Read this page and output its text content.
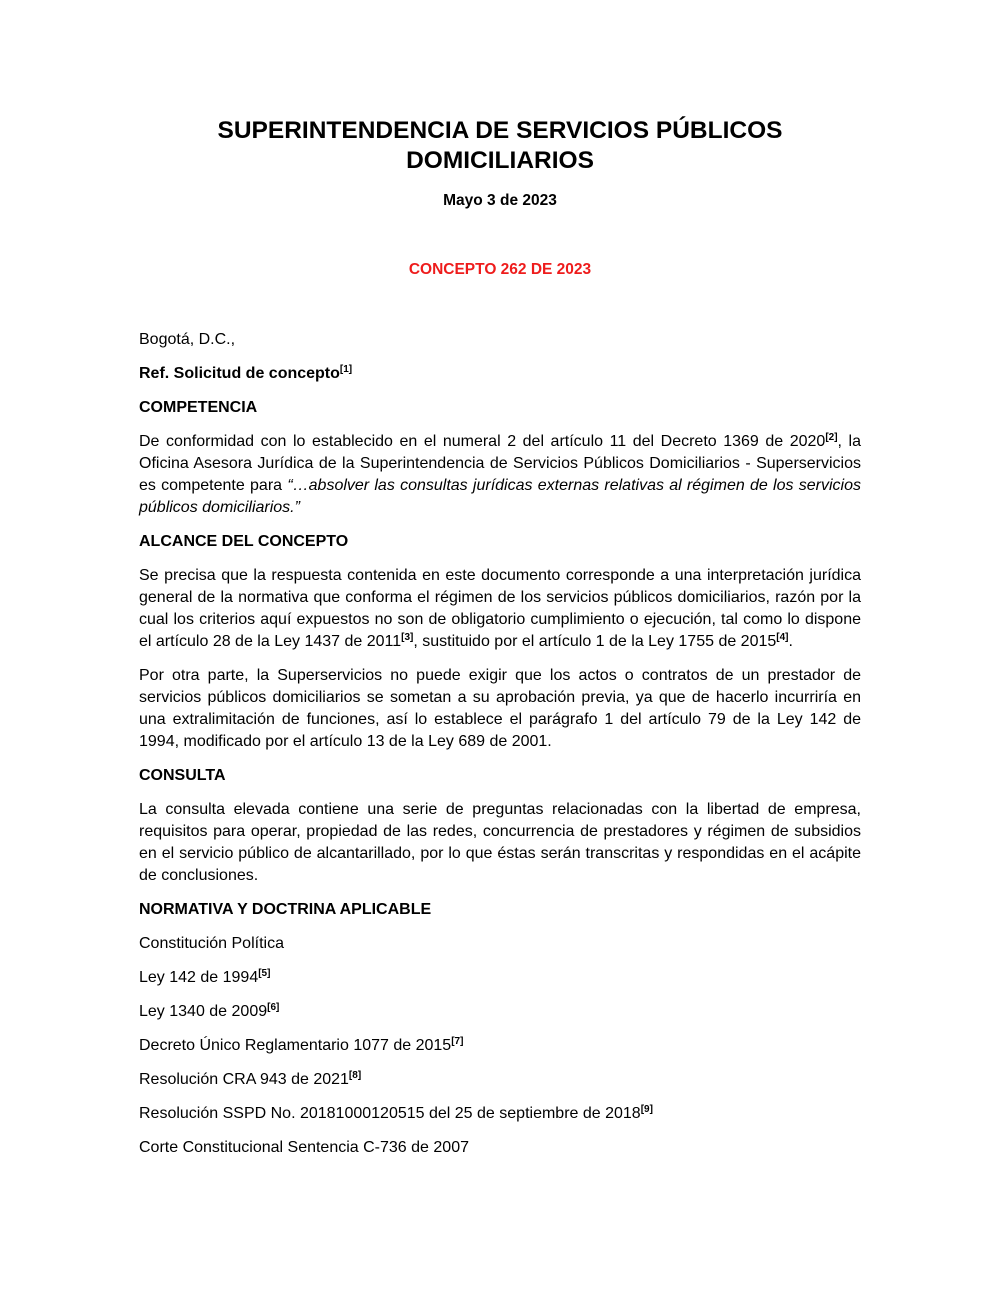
SUPERINTENDENCIA DE SERVICIOS PÚBLICOS
DOMICILIARIOS
Mayo 3 de 2023
CONCEPTO 262 DE 2023

Bogotá, D.C.,

Ref. Solicitud de concepto[1]

COMPETENCIA

De conformidad con lo establecido en el numeral 2 del artículo 11 del Decreto 1369 de 2020[2], la Oficina Asesora Jurídica de la Superintendencia de Servicios Públicos Domiciliarios - Superservicios es competente para “…absolver las consultas jurídicas externas relativas al régimen de los servicios públicos domiciliarios.”

ALCANCE DEL CONCEPTO

Se precisa que la respuesta contenida en este documento corresponde a una interpretación jurídica general de la normativa que conforma el régimen de los servicios públicos domiciliarios, razón por la cual los criterios aquí expuestos no son de obligatorio cumplimiento o ejecución, tal como lo dispone el artículo 28 de la Ley 1437 de 2011[3], sustituido por el artículo 1 de la Ley 1755 de 2015[4].

Por otra parte, la Superservicios no puede exigir que los actos o contratos de un prestador de servicios públicos domiciliarios se sometan a su aprobación previa, ya que de hacerlo incurriría en una extralimitación de funciones, así lo establece el parágrafo 1 del artículo 79 de la Ley 142 de 1994, modificado por el artículo 13 de la Ley 689 de 2001.

CONSULTA

La consulta elevada contiene una serie de preguntas relacionadas con la libertad de empresa, requisitos para operar, propiedad de las redes, concurrencia de prestadores y régimen de subsidios en el servicio público de alcantarillado, por lo que éstas serán transcritas y respondidas en el acápite de conclusiones.

NORMATIVA Y DOCTRINA APLICABLE

Constitución Política

Ley 142 de 1994[5]

Ley 1340 de 2009[6]

Decreto Único Reglamentario 1077 de 2015[7]

Resolución CRA 943 de 2021[8]

Resolución SSPD No. 20181000120515 del 25 de septiembre de 2018[9]

Corte Constitucional Sentencia C-736 de 2007
